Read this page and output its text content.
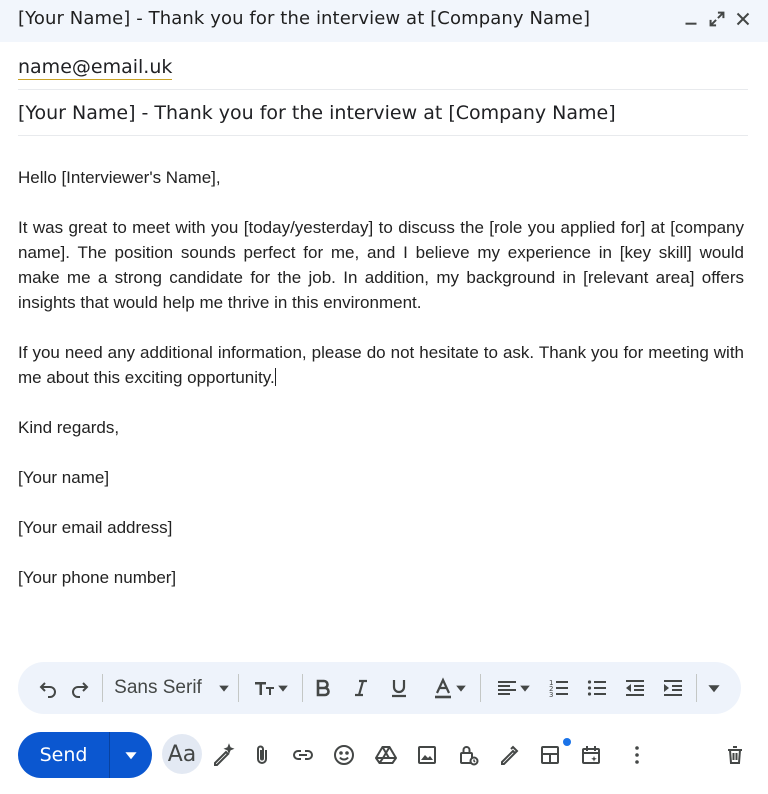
[Your Name] - Thank you for the interview at [Company Name]
name@email.uk
[Your Name] - Thank you for the interview at [Company Name]

Hello [Interviewer's Name],

It was great to meet with you [today/yesterday] to discuss the [role you applied for] at [company name]. The position sounds perfect for me, and I believe my experience in [key skill] would make me a strong candidate for the job. In addition, my background in [relevant area] offers insights that would help me thrive in this environment.

If you need any additional information, please do not hesitate to ask. Thank you for meeting with me about this exciting opportunity.

Kind regards,

[Your name]

[Your email address]

[Your phone number]

Sans Serif	1
2
3
Send	Aa
